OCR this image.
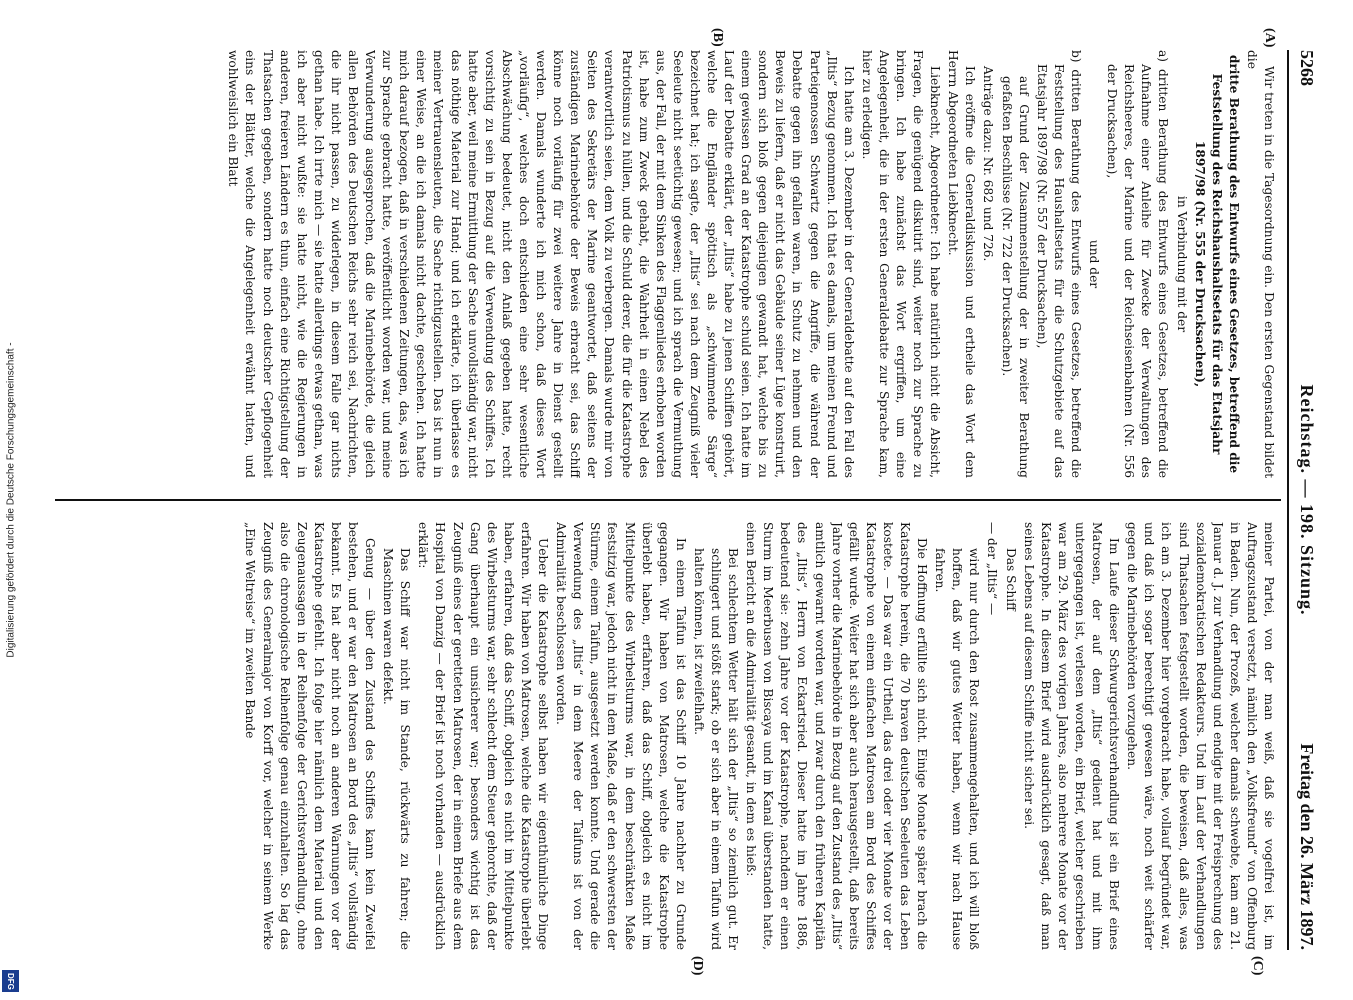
5268
Reichstag. — 198. Sitzung.
Freitag den 26. März 1897.
(A)
(B)
(C)
(D)

Wir treten in die Tagesordnung ein. Den ersten Gegenstand bildet die

dritte Berathung des Entwurfs eines Gesetzes, betreffend die Feststellung des Reichshaushaltsetats für das Etatsjahr 1897/98 (Nr. 555 der Drucksachen),

in Verbindung mit der

a) dritten Berathung des Entwurfs eines Gesetzes, betreffend die Aufnahme einer Anleihe für Zwecke der Verwaltungen des Reichsheeres, der Marine und der Reichseisenbahnen (Nr. 556 der Drucksachen),

und der

b) dritten Berathung des Entwurfs eines Gesetzes, betreffend die Feststellung des Haushaltsetats für die Schutzgebiete auf das Etatsjahr 1897/98 (Nr. 557 der Drucksachen),

auf Grund der Zusammenstellung der in zweiter Berathung gefaßten Beschlüsse (Nr. 722 der Drucksachen).

Anträge dazu: Nr. 682 und 726.

Ich eröffne die Generaldiskussion und ertheile das Wort dem Herrn Abgeordneten Liebknecht.

Liebknecht, Abgeordneter: Ich habe natürlich nicht die Absicht, Fragen, die genügend diskutirt sind, weiter noch zur Sprache zu bringen. Ich habe zunächst das Wort ergriffen, um eine Angelegenheit, die in der ersten Generaldebatte zur Sprache kam, hier zu erledigen.

Ich hatte am 3. Dezember in der Generaldebatte auf den Fall des „Iltis“ Bezug genommen. Ich that es damals, um meinen Freund und Parteigenossen Schwartz gegen die Angriffe, die während der Debatte gegen ihn gefallen waren, in Schutz zu nehmen und den Beweis zu liefern, daß er nicht das Gebäude seiner Lüge konstruirt, sondern sich bloß gegen diejenigen gewandt hat, welche bis zu einem gewissen Grad an der Katastrophe schuld seien. Ich hatte im Lauf der Debatte erklärt, der „Iltis“ habe zu jenen Schiffen gehört, welche die Engländer spöttisch als „schwimmende Särge“ bezeichnet hat; ich sagte, der „Iltis“ sei nach dem Zeugniß vieler Seeleute nicht seetüchtig gewesen; und ich sprach die Vermuthung aus, der Fall, der mit dem Sinken des Flaggenliedes erhoben worden ist, habe zum Zweck gehabt, die Wahrheit in einen Nebel des Patriotismus zu hüllen, und die Schuld derer, die für die Katastrophe verantwortlich seien, dem Volk zu verbergen. Damals wurde mir von Seiten des Sekretärs der Marine geantwortet, daß seitens der zuständigen Marinebehörde der Beweis erbracht sei, das Schiff könne noch vorläufig für zwei weitere Jahre in Dienst gestellt werden. Damals wunderte ich mich schon, daß dieses Wort „vorläufig“, welches doch entschieden eine sehr wesentliche Abschwächung bedeutet, nicht den Anlaß gegeben hatte, recht vorsichtig zu sein in Bezug auf die Verwendung des Schiffes. Ich hatte aber, weil meine Ermittlung der Sache unvollständig war, nicht das nöthige Material zur Hand; und ich erklärte, ich überlasse es meiner Vertrauensleuten, die Sache richtigzustellen. Das ist nun in einer Weise, an die ich damals nicht dachte, geschehen. Ich hatte mich darauf bezogen, daß in verschiedenen Zeitungen, das, was ich zur Sprache gebracht hatte, veröffentlicht worden war, und meine Verwunderung ausgesprochen, daß die Marinebehörde, die gleich allen Behörden des Deutschen Reichs sehr reich sei, Nachrichten, die ihr nicht passen, zu widerlegen, in diesem Falle gar nichts gethan habe. Ich irrte mich — sie hatte allerdings etwas gethan, was ich aber nicht wußte: sie hatte nicht, wie die Regierungen in anderen, freieren Ländern es thun, einfach eine Richtigstellung der Thatsachen gegeben, sondern hatte noch deutscher Gepflogenheit eins der Blätter, welche die Angelegenheit erwähnt hatten, und wohlweislich ein Blatt

meiner Partei, von der man weiß, daß sie vogelfrei ist, im Auftragszustand versetzt, nämlich den „Volksfreund“ von Offenburg in Baden. Nun, der Prozeß, welcher damals schwebte, kam am 21. Januar d. J. zur Verhandlung und endigte mit der Freisprechung des sozialdemokratischen Redakteurs. Und im Lauf der Verhandlungen sind Thatsachen festgestellt worden, die beweisen, daß alles, was ich am 3. Dezember hier vorgebracht habe, vollauf begründet war, und daß ich sogar berechtigt gewesen wäre, noch weit schärfer gegen die Marinebehörden vorzugehen.

Im Laufe dieser Schwurgerichtsverhandlung ist ein Brief eines Matrosen, der auf dem „Iltis“ gedient hat und mit ihm untergegangen ist, verlesen worden, ein Brief, welcher geschrieben war am 29. März des vorigen Jahres, also mehrere Monate vor der Katastrophe. In diesem Brief wird ausdrücklich gesagt, daß man seines Lebens auf diesem Schiffe nicht sicher sei.

Das Schiff

— der „Iltis“ —

wird nur durch den Rost zusammengehalten, und ich will bloß hoffen, daß wir gutes Wetter haben, wenn wir nach Hause fahren.

Die Hoffnung erfüllte sich nicht. Einige Monate später brach die Katastrophe herein, die 70 braven deutschen Seeleuten das Leben kostete. — Das war ein Urtheil, das drei oder vier Monate vor der Katastrophe von einem einfachen Matrosen am Bord des Schiffes gefällt wurde. Weiter hat sich aber auch herausgestellt, daß bereits Jahre vorher die Marinebehörde in Bezug auf den Zustand des „Iltis“ amtlich gewarnt worden war, und zwar durch den früheren Kapitän des „Iltis“, Herrn von Eckartsried. Dieser hatte im Jahre 1886, bedeutend sie: zehn Jahre vor der Katastrophe, nachdem er einen Sturm im Meerbusen von Biscaya und im Kanal überstanden hatte, einen Bericht an die Admiralität gesandt, in dem es hieß:

Bei schlechtem Wetter hält sich der „Iltis“ so ziemlich gut. Er schlingert und stößt stark; ob er sich aber in einem Taifun wird halten können, ist zweifelhaft.

In einem Taifun ist das Schiff 10 Jahre nachher zu Grunde gegangen. Wir haben von Matrosen, welche die Katastrophe überlebt haben, erfahren, daß das Schiff, obgleich es nicht im Mittelpunkte des Wirbelsturms war, in dem beschränkten Maße festsitzig war, jedoch nicht in dem Maße, daß er den schwersten der Stürme, einem Taifun, ausgesetzt werden konnte. Und gerade die Verwendung des „Iltis“ in dem Meere der Taifuns ist von der Admiralität beschlossen worden.

Ueber die Katastrophe selbst haben wir eigenthümliche Dinge erfahren. Wir haben von Matrosen, welche die Katastrophe überlebt haben, erfahren, daß das Schiff, obgleich es nicht im Mittelpunkte des Wirbelsturms war, sehr schlecht dem Steuer gehorchte, daß der Gang überhaupt ein unsicherer war; besonders wichtig ist das Zeugniß eines der geretteten Matrosen, der in einem Briefe aus dem Hospital von Danzig — der Brief ist noch vorhanden — ausdrücklich erklärt:

Das Schiff war nicht im Stande, rückwärts zu fahren; die Maschinen waren defekt.

Genug — über den Zustand des Schiffes kann kein Zweifel bestehen, und er war den Matrosen an Bord des „Iltis“ vollständig bekannt. Es hat aber nicht noch an anderen Warnungen vor der Katastrophe gefehlt. Ich folge hier nämlich dem Material und den Zeugenaussagen in der Reihenfolge der Gerichtsverhandlung, ohne also die chronologische Reihenfolge genau einzuhalten. So lag das Zeugniß des Generalmajor von Korff vor, welcher in seinem Werke „Eine Weltreise“ im zweiten Bande

Digitalisierung gefördert durch die Deutsche Forschungsgemeinschaft -
DFG
